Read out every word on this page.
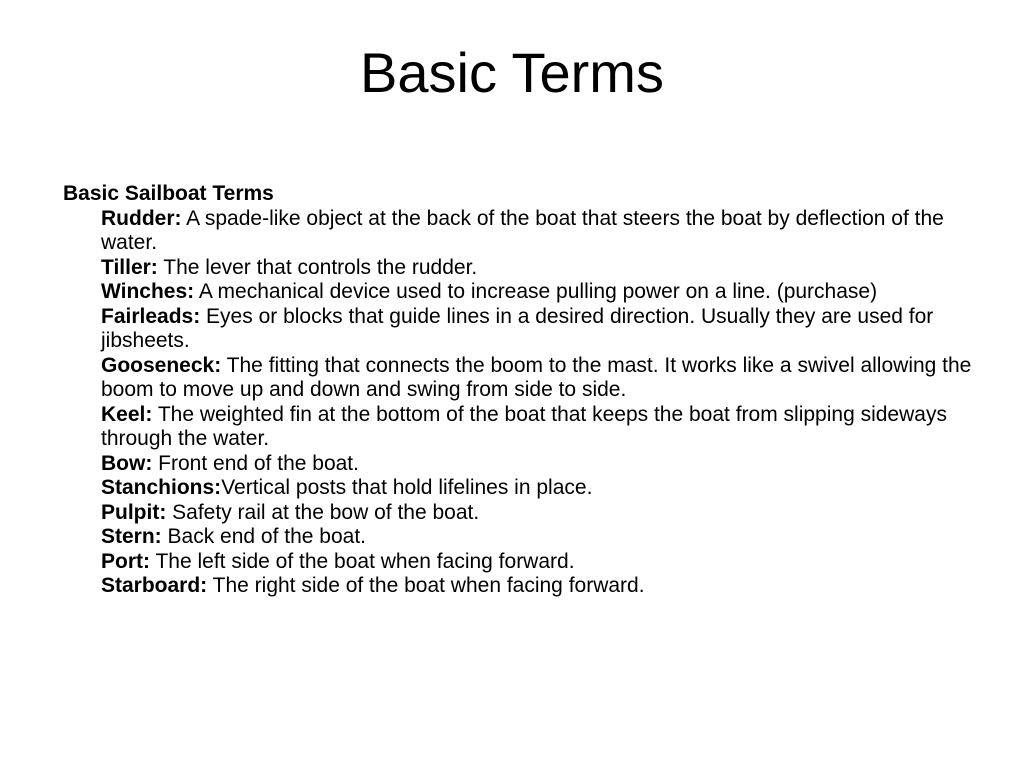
Basic Terms

Basic Sailboat Terms

Rudder: A spade-like object at the back of the boat that steers the boat by deflection of the water.
Tiller: The lever that controls the rudder.
Winches: A mechanical device used to increase pulling power on a line. (purchase)
Fairleads: Eyes or blocks that guide lines in a desired direction. Usually they are used for jibsheets.
Gooseneck: The fitting that connects the boom to the mast. It works like a swivel allowing the boom to move up and down and swing from side to side.
Keel: The weighted fin at the bottom of the boat that keeps the boat from slipping sideways through the water.
Bow: Front end of the boat.
Stanchions:Vertical posts that hold lifelines in place.
Pulpit: Safety rail at the bow of the boat.
Stern: Back end of the boat.
Port: The left side of the boat when facing forward.
Starboard: The right side of the boat when facing forward.
